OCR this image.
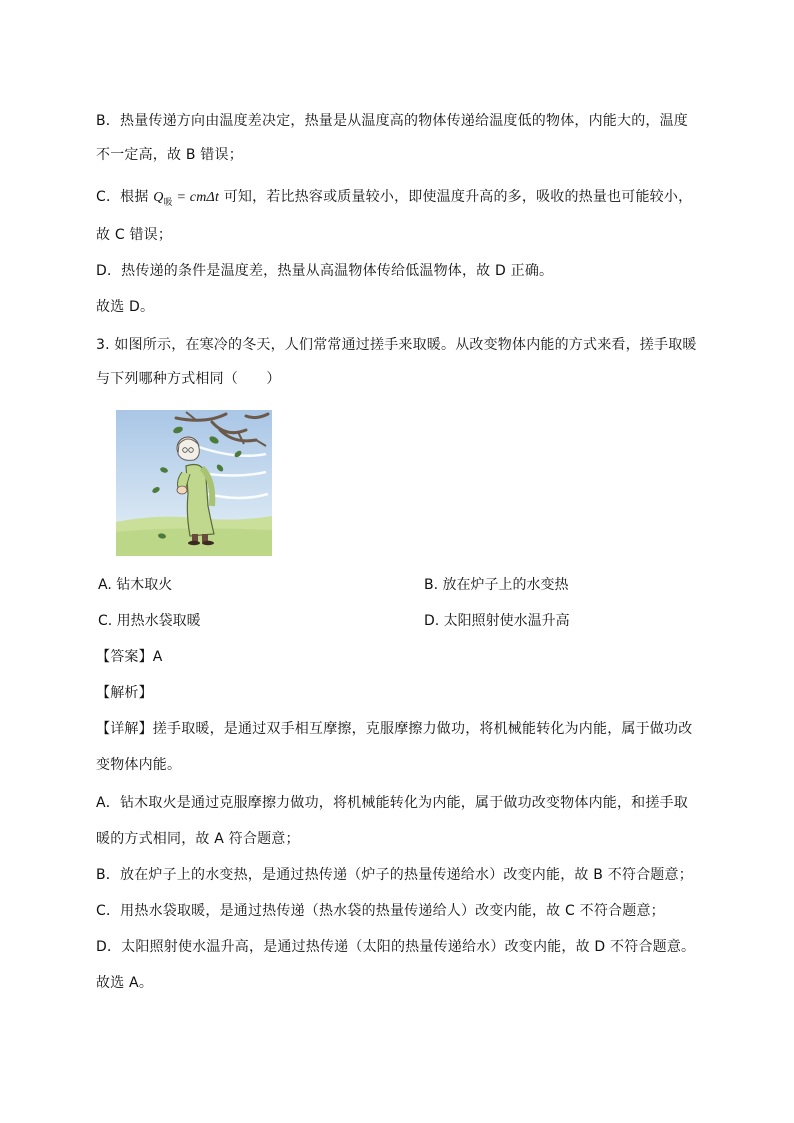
B．热量传递方向由温度差决定，热量是从温度高的物体传递给温度低的物体，内能大的，温度
不一定高，故 B 错误；
C．根据 $Q_吸 = cm\Delta t$ 可知，若比热容或质量较小，即使温度升高的多，吸收的热量也可能较小，
故 C 错误；
D．热传递的条件是温度差，热量从高温物体传给低温物体，故 D 正确。
故选 D。
3. 如图所示，在寒冷的冬天，人们常常通过搓手来取暖。从改变物体内能的方式来看，搓手取暖
与下列哪种方式相同（　　）
A. 钻木取火	B. 放在炉子上的水变热
C. 用热水袋取暖	D. 太阳照射使水温升高
【答案】A
【解析】
【详解】搓手取暖，是通过双手相互摩擦，克服摩擦力做功，将机械能转化为内能，属于做功改
变物体内能。
A．钻木取火是通过克服摩擦力做功，将机械能转化为内能，属于做功改变物体内能，和搓手取
暖的方式相同，故 A 符合题意；
B．放在炉子上的水变热，是通过热传递（炉子的热量传递给水）改变内能，故 B 不符合题意；
C．用热水袋取暖，是通过热传递（热水袋的热量传递给人）改变内能，故 C 不符合题意；
D．太阳照射使水温升高，是通过热传递（太阳的热量传递给水）改变内能，故 D 不符合题意。
故选 A。
